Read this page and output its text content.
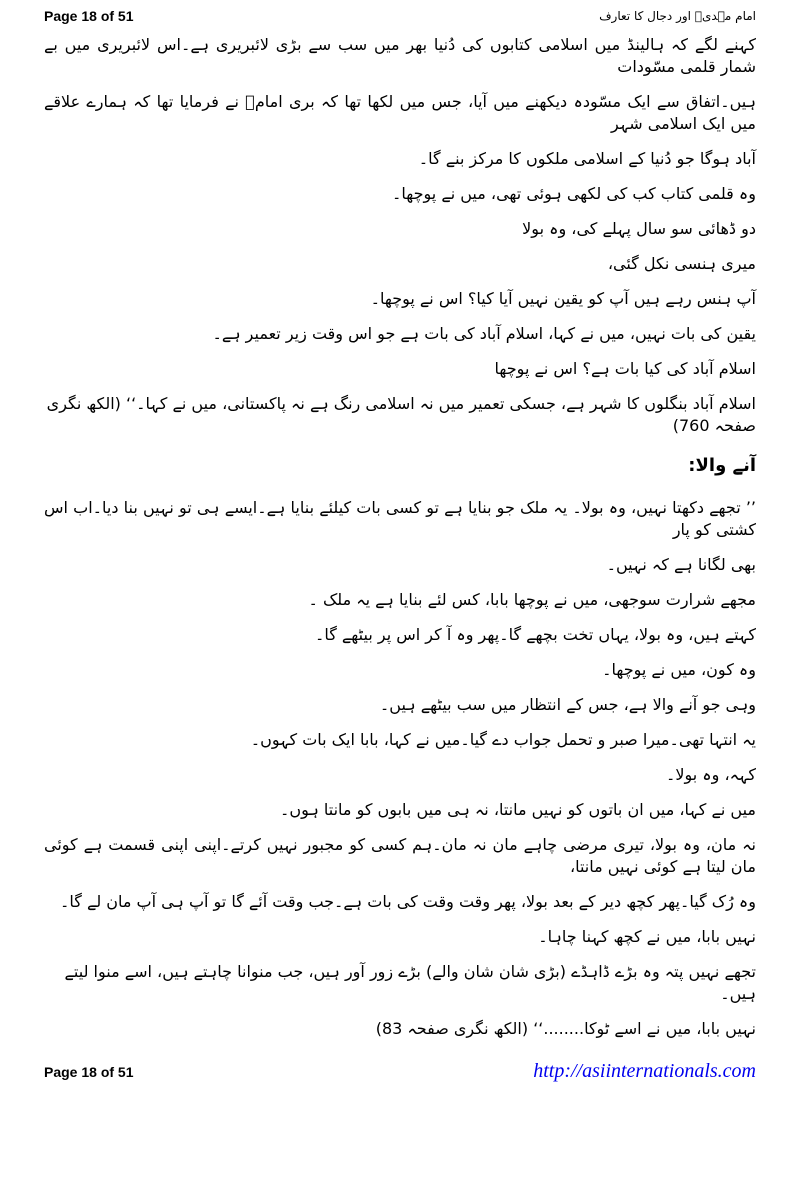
Page 18 of 51	امام مہدیؑ اور دجال کا تعارف
کہنے لگے کہ ہالینڈ میں اسلامی کتابوں کی دُنیا بھر میں سب سے بڑی لائبریری ہے۔اس لائبریری میں بے شمار قلمی مسّودات
ہیں۔اتفاق سے ایک مسّودہ دیکھنے میں آیا، جس میں لکھا تھا کہ بری امامؒ نے فرمایا تھا کہ ہمارے علاقے میں ایک اسلامی شہر
آباد ہوگا جو دُنیا کے اسلامی ملکوں کا مرکز بنے گا۔
وہ قلمی کتاب کب کی لکھی ہوئی تھی، میں نے پوچھا۔
دو ڈھائی سو سال پہلے کی، وہ بولا
میری ہنسی نکل گئی،
آپ ہنس رہے ہیں آپ کو یقین نہیں آیا کیا؟ اس نے پوچھا۔
یقین کی بات نہیں، میں نے کہا، اسلام آباد کی بات ہے جو اس وقت زیر تعمیر ہے۔
اسلام آباد کی کیا بات ہے؟ اس نے پوچھا
اسلام آباد بنگلوں کا شہر ہے، جسکی تعمیر میں نہ اسلامی رنگ ہے نہ پاکستانی، میں نے کہا۔‘‘ (الکھ نگری صفحہ 760)
آنے والا:
’’ تجھے دکھتا نہیں، وہ بولا۔ یہ ملک جو بنایا ہے تو کسی بات کیلئے بنایا ہے۔ایسے ہی تو نہیں بنا دیا۔اب اس کشتی کو پار
بھی لگانا ہے کہ نہیں۔
مجھے شرارت سوجھی، میں نے پوچھا بابا، کس لئے بنایا ہے یہ ملک ۔
کہتے ہیں، وہ بولا، یہاں تخت بچھے گا۔پھر وہ آ کر اس پر بیٹھے گا۔
وہ کون، میں نے پوچھا۔
وہی جو آنے والا ہے، جس کے انتظار میں سب بیٹھے ہیں۔
یہ انتہا تھی۔میرا صبر و تحمل جواب دے گیا۔میں نے کہا، بابا ایک بات کہوں۔
کہہ، وہ بولا۔
میں نے کہا، میں ان باتوں کو نہیں مانتا، نہ ہی میں بابوں کو مانتا ہوں۔
نہ مان، وہ بولا، تیری مرضی چاہے مان نہ مان۔ہم کسی کو مجبور نہیں کرتے۔اپنی اپنی قسمت ہے کوئی مان لیتا ہے کوئی نہیں مانتا،
وہ رُک گیا۔پھر کچھ دیر کے بعد بولا، پھر وقت وقت کی بات ہے۔جب وقت آئے گا تو آپ ہی آپ مان لے گا۔
نہیں بابا، میں نے کچھ کہنا چاہا۔
تجھے نہیں پتہ وہ بڑے ڈاہڈے (بڑی شان شان والے) بڑے زور آور ہیں، جب منوانا چاہتے ہیں، اسے منوا لیتے ہیں۔
نہیں بابا، میں نے اسے ٹوکا........‘‘ (الکھ نگری صفحہ 83)
Page 18 of 51	http://asiinternationals.com
